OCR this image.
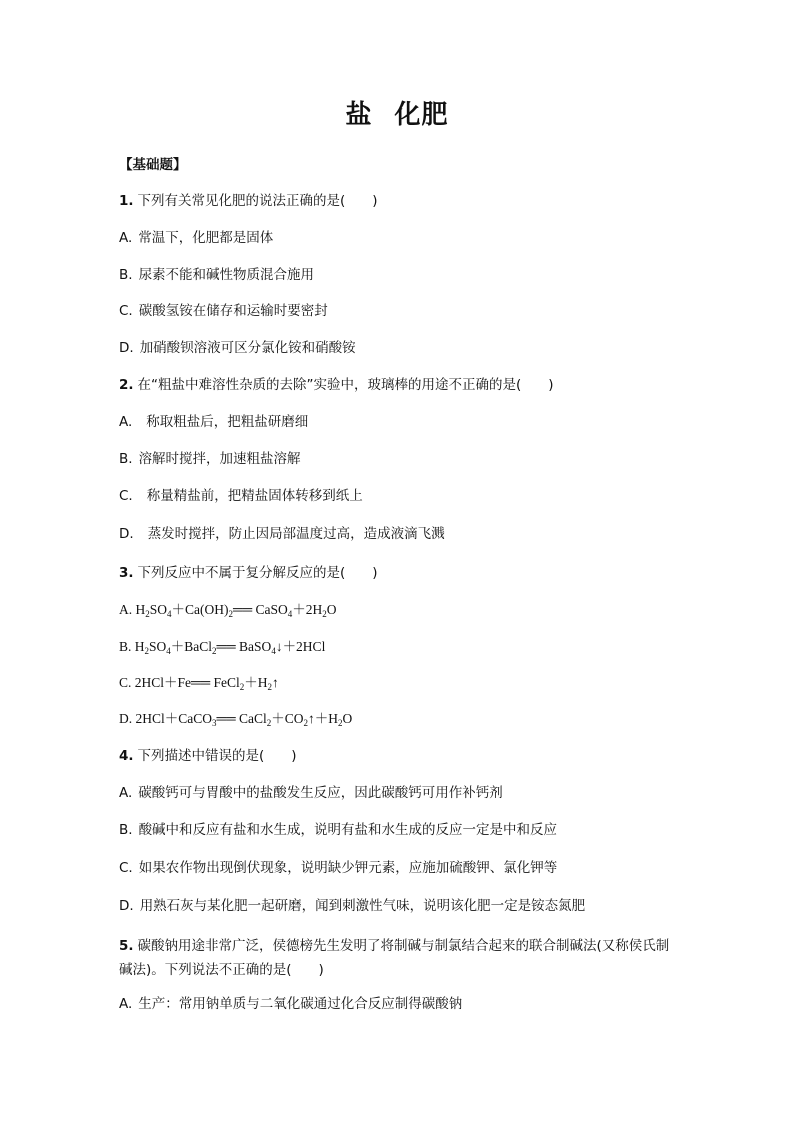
盐 化肥
【基础题】
1. 下列有关常见化肥的说法正确的是(　　)
A. 常温下，化肥都是固体
B. 尿素不能和碱性物质混合施用
C. 碳酸氢铵在储存和运输时要密封
D. 加硝酸钡溶液可区分氯化铵和硝酸铵
2. 在“粗盐中难溶性杂质的去除”实验中，玻璃棒的用途不正确的是(　　)
A. 称取粗盐后，把粗盐研磨细
B. 溶解时搅拌，加速粗盐溶解
C. 称量精盐前，把精盐固体转移到纸上
D. 蒸发时搅拌，防止因局部温度过高，造成液滴飞溅
3. 下列反应中不属于复分解反应的是(　　)
A. $H_2SO_4+Ca(OH)_2══$ $CaSO_4+2H_2O$
B. $H_2SO_4+BaCl_2══$ BaSO$_4$↓＋2HCl
C. 2HCl＋Fe══ $FeCl_2+H_2↑$
D. 2HCl＋CaCO$_3$══ $CaCl_2+CO_2↑+H_2O$
4. 下列描述中错误的是(　　)
A. 碳酸钙可与胃酸中的盐酸发生反应，因此碳酸钙可用作补钙剂
B. 酸碱中和反应有盐和水生成，说明有盐和水生成的反应一定是中和反应
C. 如果农作物出现倒伏现象，说明缺少钾元素，应施加硫酸钾、氯化钾等
D. 用熟石灰与某化肥一起研磨，闻到刺激性气味，说明该化肥一定是铵态氮肥
5. 碳酸钠用途非常广泛，侯德榜先生发明了将制碱与制氯结合起来的联合制碱法(又称侯氏制碱法)。下列说法不正确的是(　　)
A. 生产：常用钠单质与二氧化碳通过化合反应制得碳酸钠
